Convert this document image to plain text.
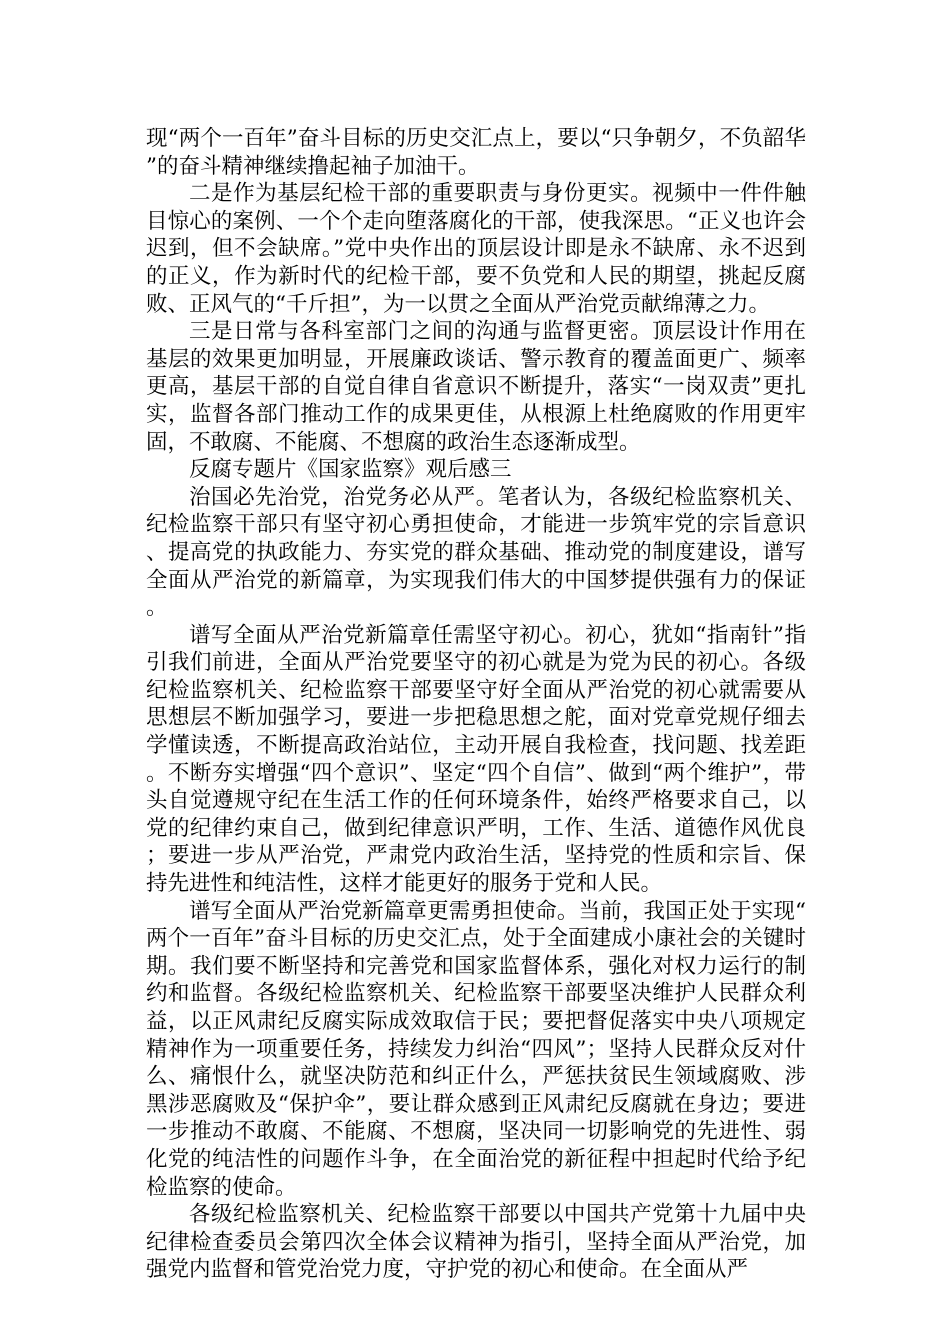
现“两个一百年”奋斗目标的历史交汇点上，要以“只争朝夕，不负韶华”的奋斗精神继续撸起袖子加油干。

二是作为基层纪检干部的重要职责与身份更实。视频中一件件触目惊心的案例、一个个走向堕落腐化的干部，使我深思。“正义也许会迟到，但不会缺席。”党中央作出的顶层设计即是永不缺席、永不迟到的正义，作为新时代的纪检干部，要不负党和人民的期望，挑起反腐败、正风气的“千斤担”，为一以贯之全面从严治党贡献绵薄之力。

三是日常与各科室部门之间的沟通与监督更密。顶层设计作用在基层的效果更加明显，开展廉政谈话、警示教育的覆盖面更广、频率更高，基层干部的自觉自律自省意识不断提升，落实“一岗双责”更扎实，监督各部门推动工作的成果更佳，从根源上杜绝腐败的作用更牢固，不敢腐、不能腐、不想腐的政治生态逐渐成型。

反腐专题片《国家监察》观后感三

治国必先治党，治党务必从严。笔者认为，各级纪检监察机关、纪检监察干部只有坚守初心勇担使命，才能进一步筑牢党的宗旨意识、提高党的执政能力、夯实党的群众基础、推动党的制度建设，谱写全面从严治党的新篇章，为实现我们伟大的中国梦提供强有力的保证。

谱写全面从严治党新篇章任需坚守初心。初心，犹如“指南针”指引我们前进，全面从严治党要坚守的初心就是为党为民的初心。各级纪检监察机关、纪检监察干部要坚守好全面从严治党的初心就需要从思想层不断加强学习，要进一步把稳思想之舵，面对党章党规仔细去学懂读透，不断提高政治站位，主动开展自我检查，找问题、找差距。不断夯实增强“四个意识”、坚定“四个自信”、做到“两个维护”，带头自觉遵规守纪在生活工作的任何环境条件，始终严格要求自己，以党的纪律约束自己，做到纪律意识严明，工作、生活、道德作风优良；要进一步从严治党，严肃党内政治生活，坚持党的性质和宗旨、保持先进性和纯洁性，这样才能更好的服务于党和人民。

谱写全面从严治党新篇章更需勇担使命。当前，我国正处于实现“两个一百年”奋斗目标的历史交汇点，处于全面建成小康社会的关键时期。我们要不断坚持和完善党和国家监督体系，强化对权力运行的制约和监督。各级纪检监察机关、纪检监察干部要坚决维护人民群众利益，以正风肃纪反腐实际成效取信于民；要把督促落实中央八项规定精神作为一项重要任务，持续发力纠治“四风”；坚持人民群众反对什么、痛恨什么，就坚决防范和纠正什么，严惩扶贫民生领域腐败、涉黑涉恶腐败及“保护伞”，要让群众感到正风肃纪反腐就在身边；要进一步推动不敢腐、不能腐、不想腐，坚决同一切影响党的先进性、弱化党的纯洁性的问题作斗争，在全面治党的新征程中担起时代给予纪检监察的使命。

各级纪检监察机关、纪检监察干部要以中国共产党第十九届中央纪律检查委员会第四次全体会议精神为指引，坚持全面从严治党，加强党内监督和管党治党力度，守护党的初心和使命。在全面从严
